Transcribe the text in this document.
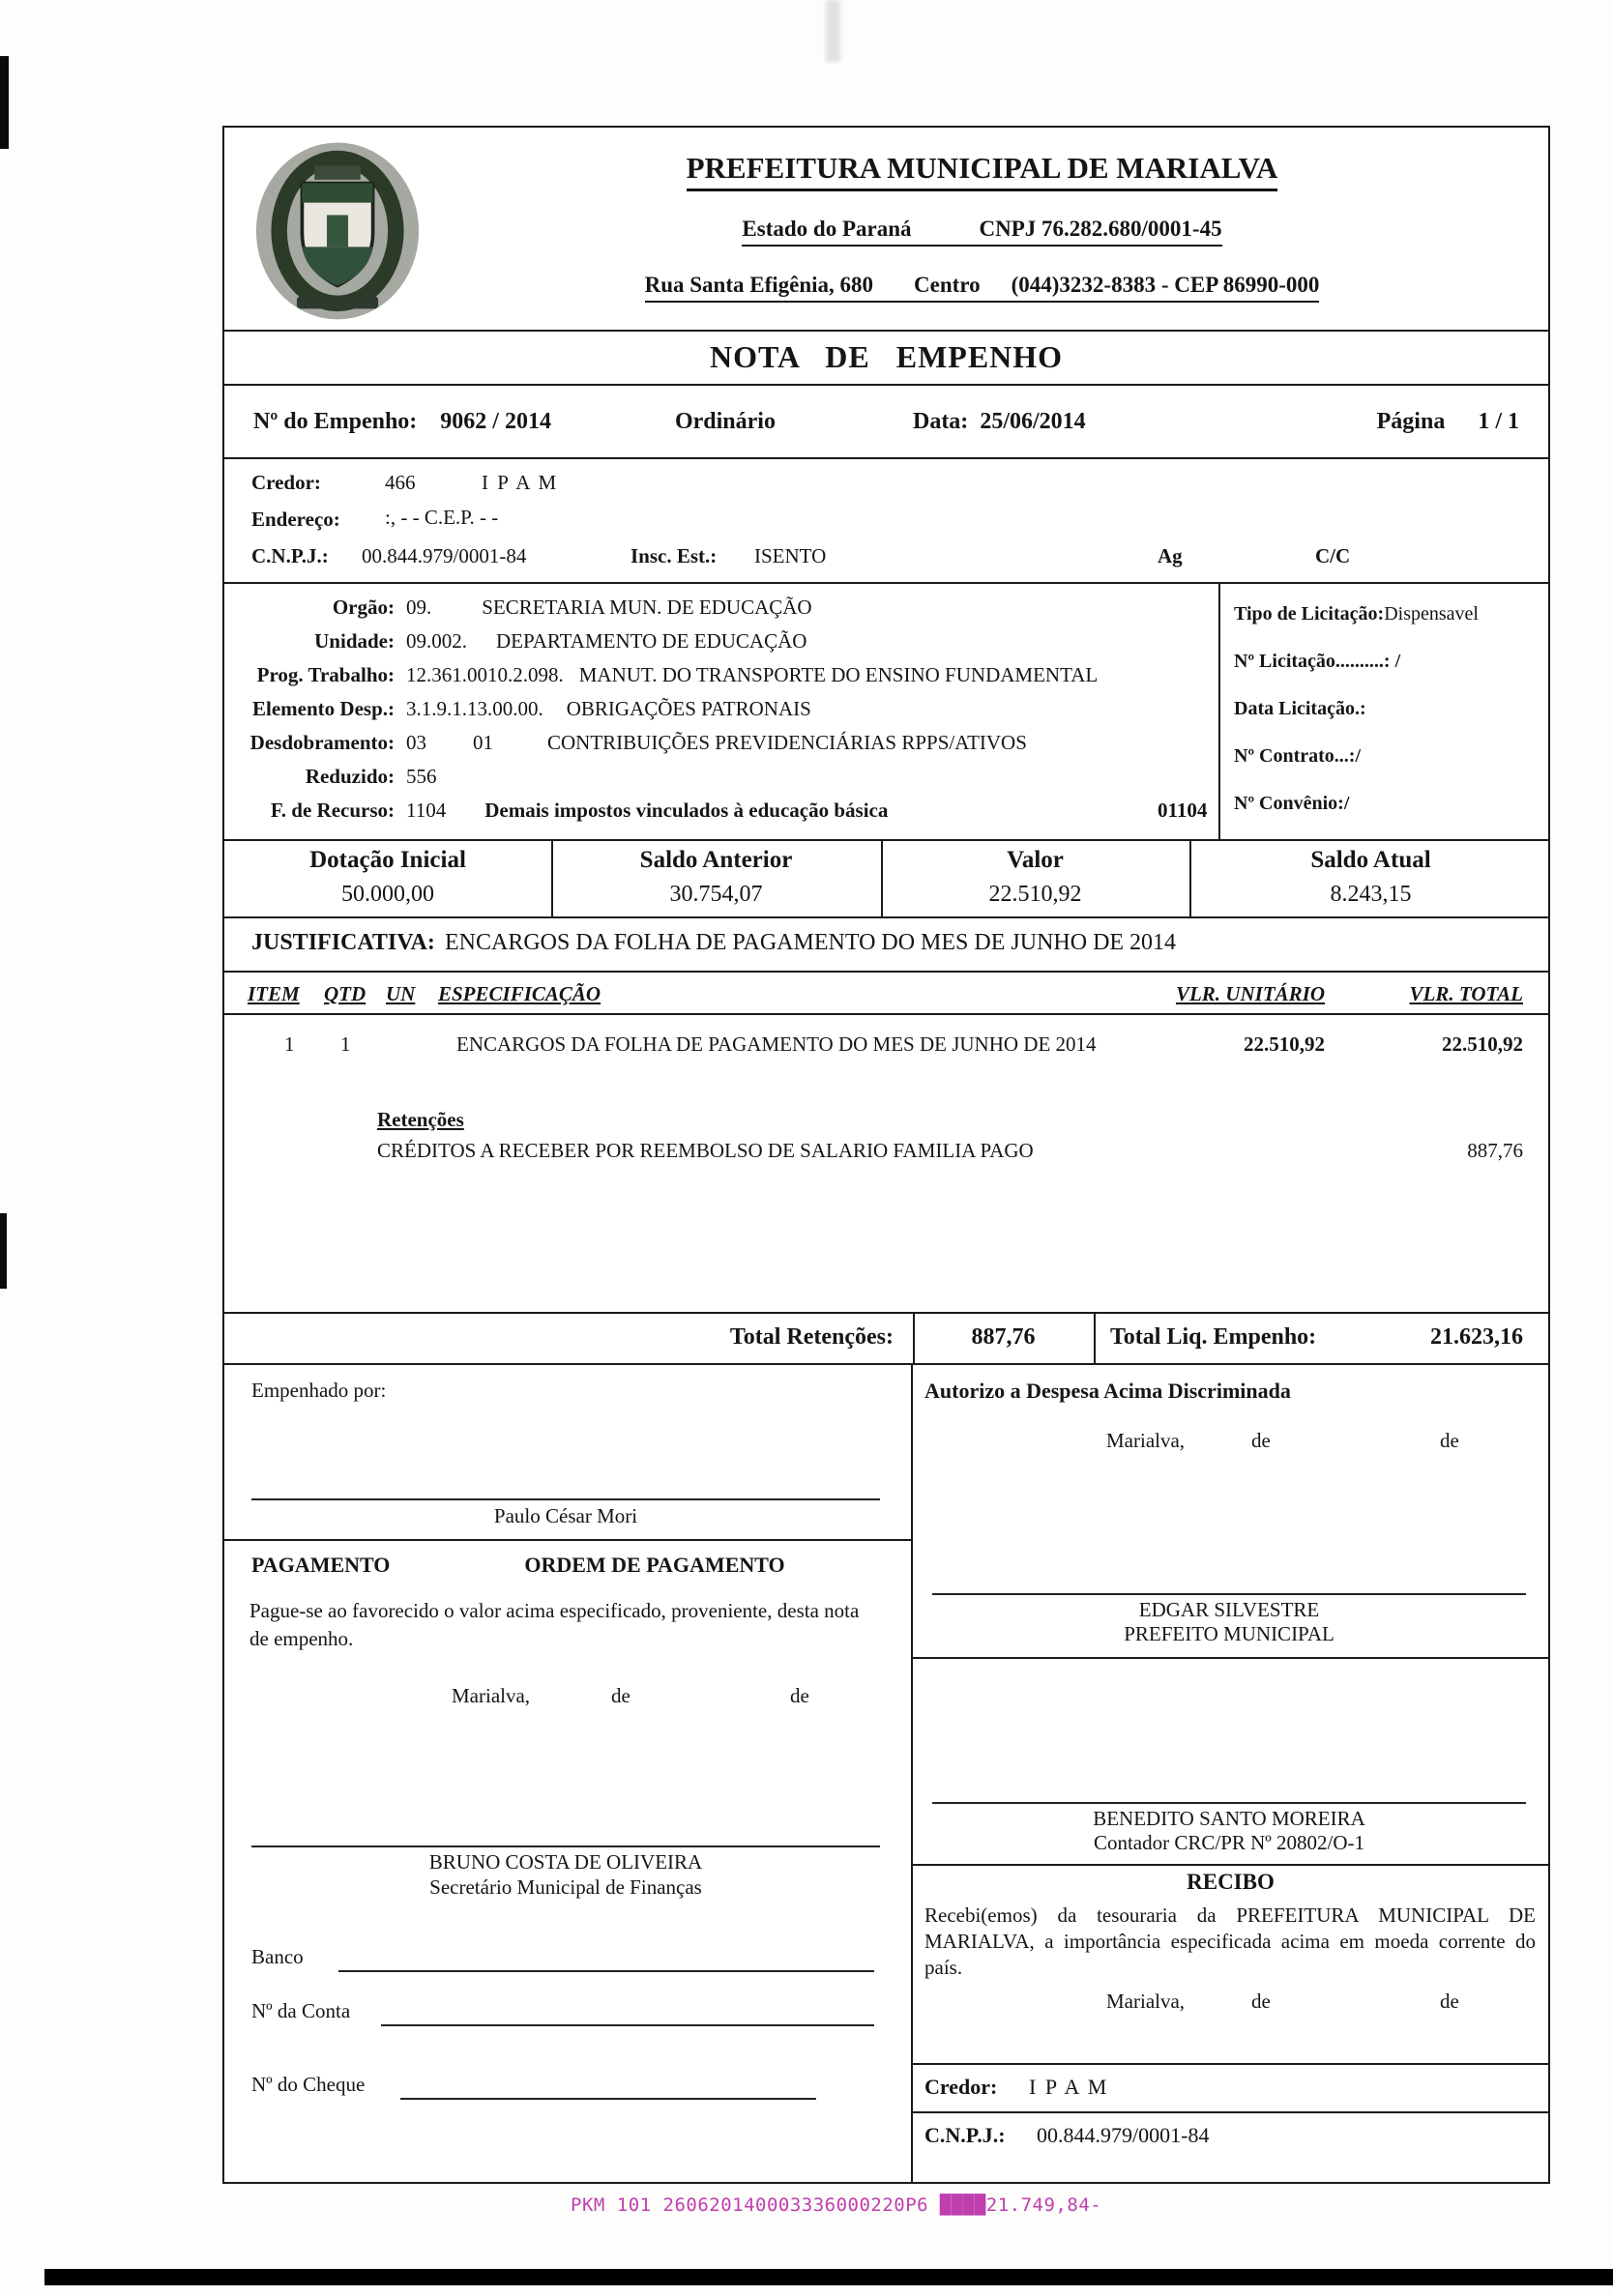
PREFEITURA MUNICIPAL DE MARIALVA
Estado do Paraná	CNPJ 76.282.680/0001-45
Rua Santa Efigênia, 680 Centro (044)3232-8383 - CEP 86990-000
NOTA DE EMPENHO
Nº do Empenho: 9062 / 2014	Ordinário	Data: 25/06/2014	Página 1 / 1
Credor:	466	I P A M
Endereço: :, - - C.E.P. - -
C.N.P.J.: 00.844.979/0001-84	Insc. Est.: ISENTO	Ag	C/C
Orgão: 09. SECRETARIA MUN. DE EDUCAÇÃO
Unidade: 09.002. DEPARTAMENTO DE EDUCAÇÃO
Prog. Trabalho: 12.361.0010.2.098. MANUT. DO TRANSPORTE DO ENSINO FUNDAMENTAL
Elemento Desp.: 3.1.9.1.13.00.00. OBRIGAÇÕES PATRONAIS
Desdobramento: 03 01	CONTRIBUIÇÕES PREVIDENCIÁRIAS RPPS/ATIVOS
Reduzido: 556
F. de Recurso: 1104 Demais impostos vinculados à educação básica	01104
Tipo de Licitação:Dispensavel
Nº Licitação..........: /
Data Licitação.:
Nº Contrato...:/
Nº Convênio:/
Dotação Inicial	Saldo Anterior	Valor	Saldo Atual
50.000,00	30.754,07	22.510,92	8.243,15
JUSTIFICATIVA: ENCARGOS DA FOLHA DE PAGAMENTO DO MES DE JUNHO DE 2014
ITEM QTD UN ESPECIFICAÇÃO	VLR. UNITÁRIO	VLR. TOTAL
1 1	ENCARGOS DA FOLHA DE PAGAMENTO DO MES DE JUNHO DE 2014	22.510,92	22.510,92
Retenções
CRÉDITOS A RECEBER POR REEMBOLSO DE SALARIO FAMILIA PAGO	887,76
Total Retenções:	887,76	Total Liq. Empenho:	21.623,16
Empenhado por:
Paulo César Mori
PAGAMENTO	ORDEM DE PAGAMENTO
Pague-se ao favorecido o valor acima especificado, proveniente, desta nota de empenho.
Marialva,	de	de
BRUNO COSTA DE OLIVEIRA
Secretário Municipal de Finanças
Banco
Nº da Conta
Nº do Cheque
Autorizo a Despesa Acima Discriminada
Marialva,	de	de
EDGAR SILVESTRE
PREFEITO MUNICIPAL
BENEDITO SANTO MOREIRA
Contador CRC/PR Nº 20802/O-1
RECIBO
Recebi(emos) da tesouraria da PREFEITURA MUNICIPAL DE MARIALVA, a importância especificada acima em moeda corrente do país.
Marialva,	de	de
Credor: I P A M
C.N.P.J.: 00.844.979/0001-84
PKM 101 260620140003336000220P6 ████21.749,84-
